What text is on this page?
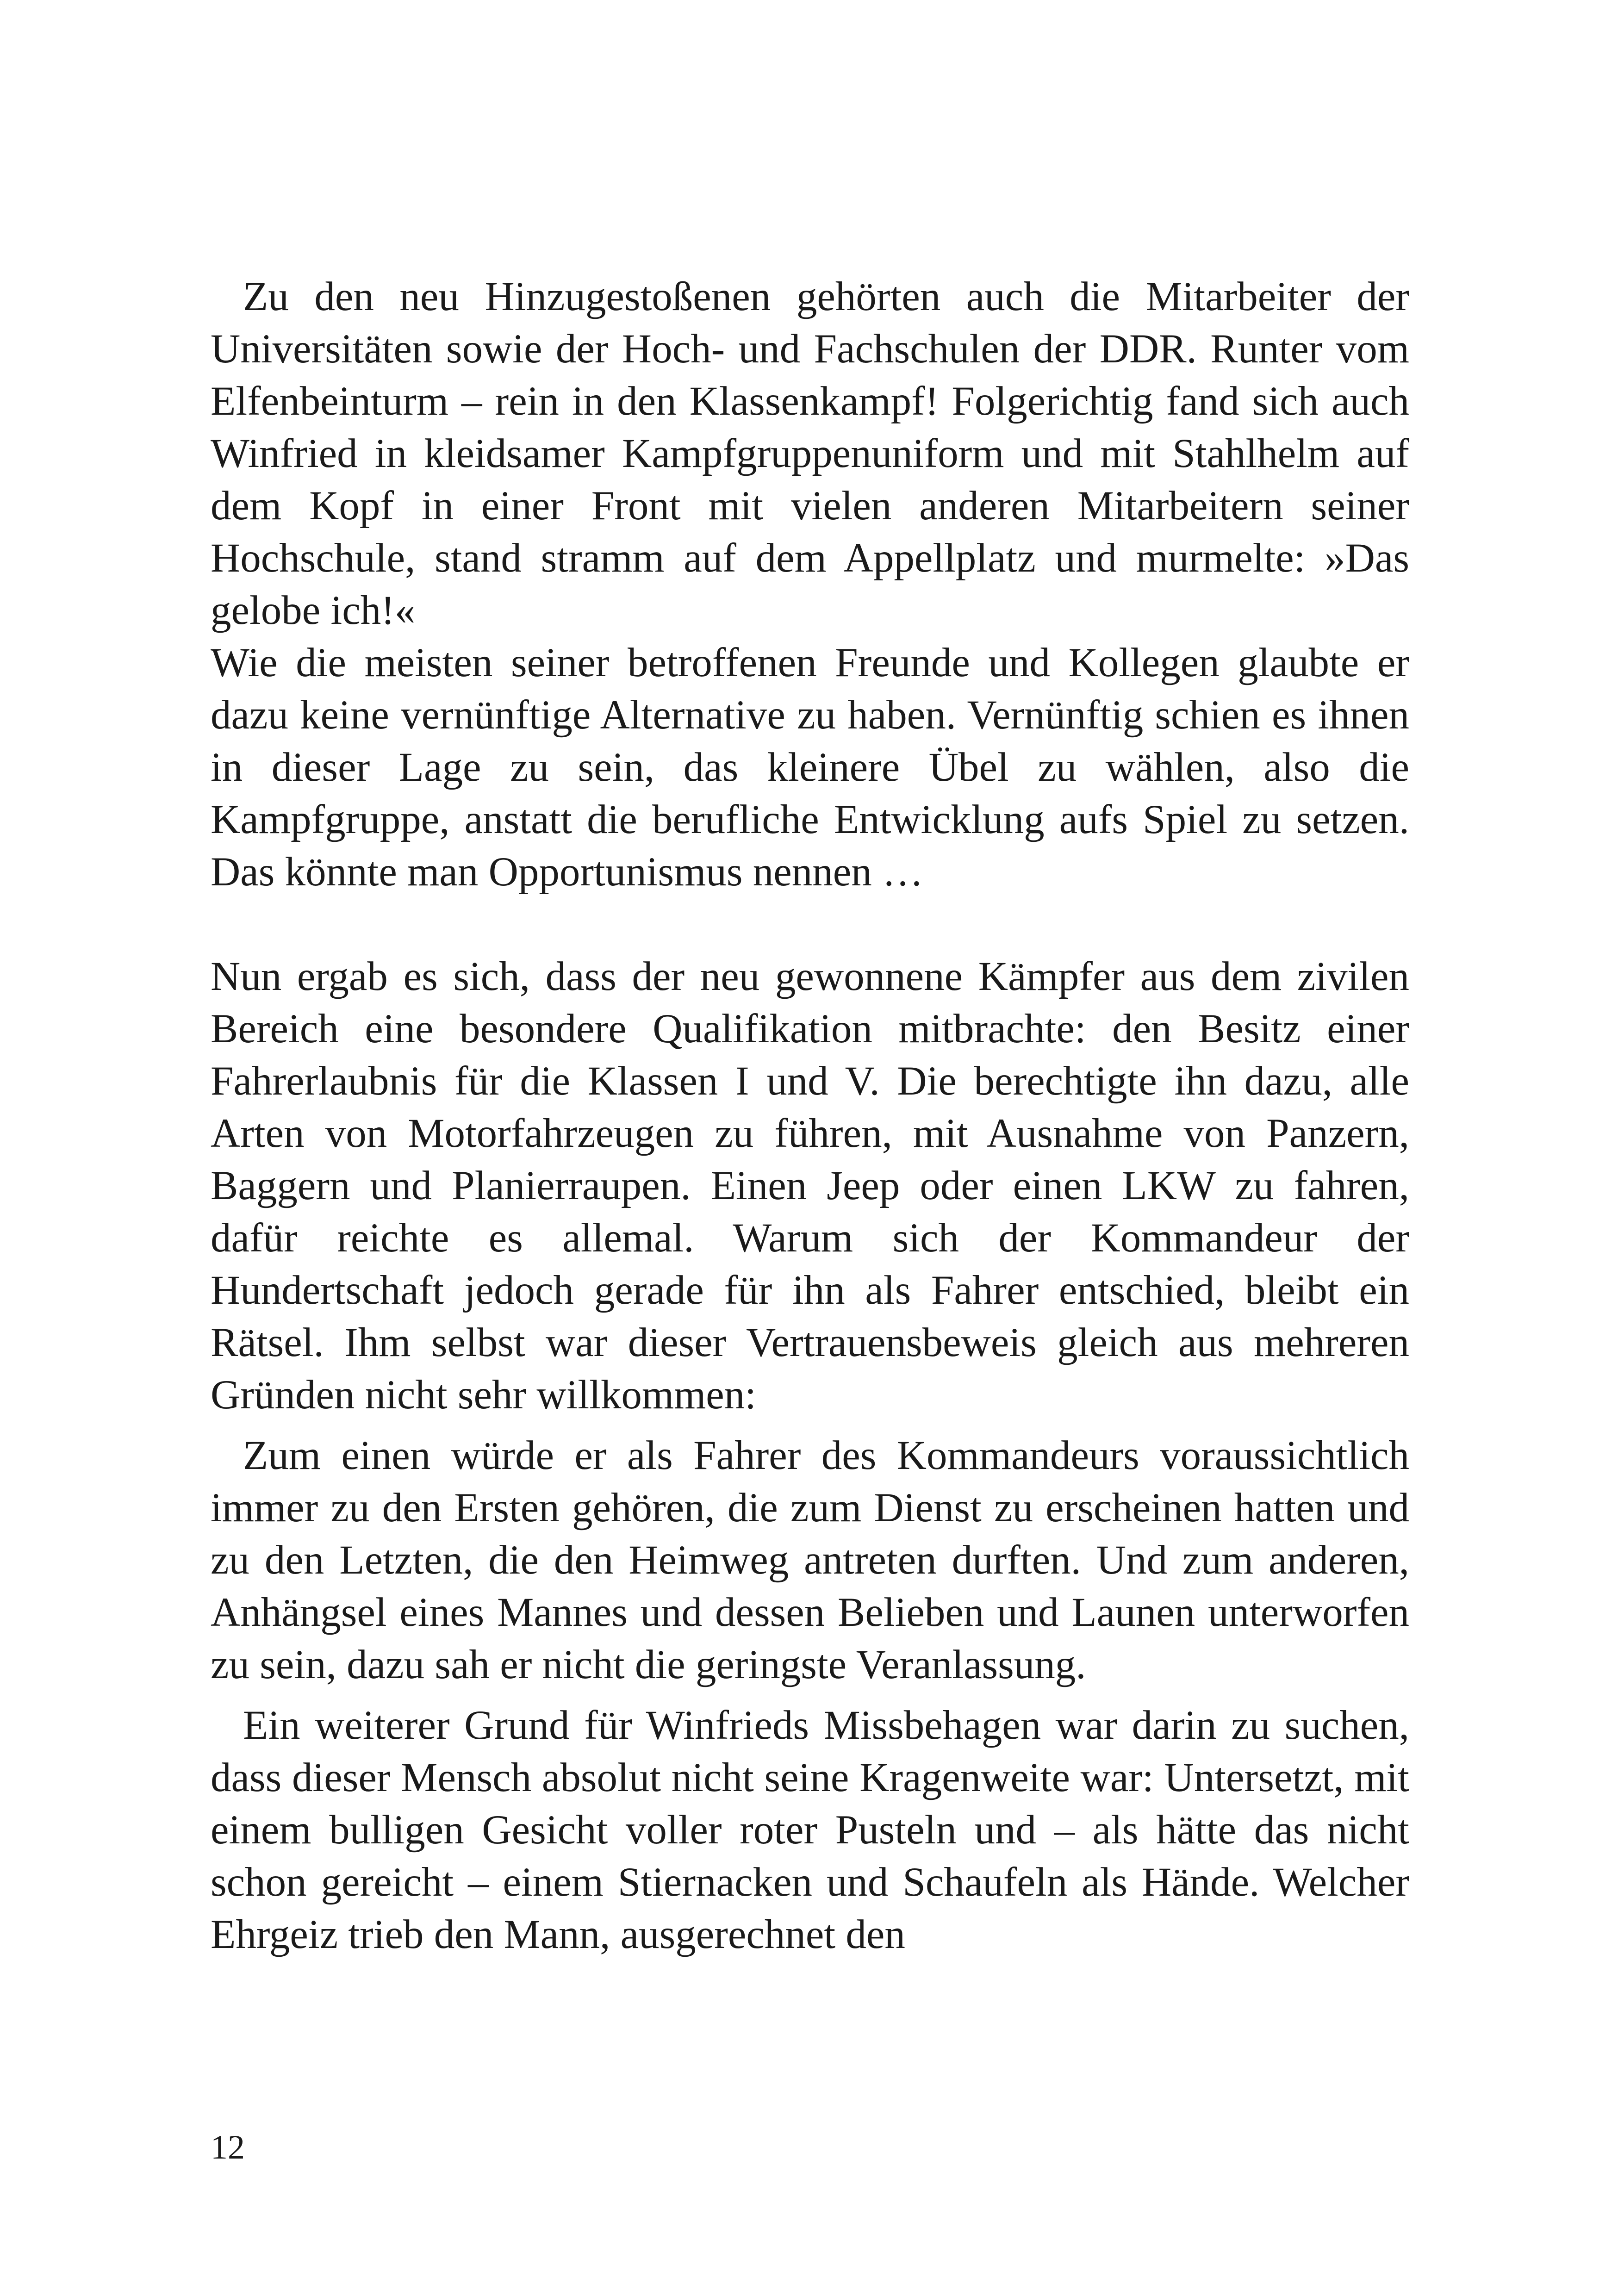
Zu den neu Hinzugestoßenen gehörten auch die Mitarbeiter der Universitäten sowie der Hoch- und Fachschulen der DDR. Runter vom Elfenbeinturm – rein in den Klassenkampf! Folgerichtig fand sich auch Winfried in kleidsamer Kampfgruppenuniform und mit Stahlhelm auf dem Kopf in einer Front mit vielen anderen Mitarbeitern seiner Hochschule, stand stramm auf dem Appellplatz und murmelte: »Das gelobe ich!«

Wie die meisten seiner betroffenen Freunde und Kollegen glaubte er dazu keine vernünftige Alternative zu haben. Vernünftig schien es ihnen in dieser Lage zu sein, das kleinere Übel zu wählen, also die Kampfgruppe, anstatt die berufliche Entwicklung aufs Spiel zu setzen. Das könnte man Opportunismus nennen …

Nun ergab es sich, dass der neu gewonnene Kämpfer aus dem zivilen Bereich eine besondere Qualifikation mitbrachte: den Besitz einer Fahrerlaubnis für die Klassen I und V. Die berechtigte ihn dazu, alle Arten von Motorfahrzeugen zu führen, mit Ausnahme von Panzern, Baggern und Planierraupen. Einen Jeep oder einen LKW zu fahren, dafür reichte es allemal. Warum sich der Kommandeur der Hundertschaft jedoch gerade für ihn als Fahrer entschied, bleibt ein Rätsel. Ihm selbst war dieser Vertrauensbeweis gleich aus mehreren Gründen nicht sehr willkommen:

Zum einen würde er als Fahrer des Kommandeurs voraussichtlich immer zu den Ersten gehören, die zum Dienst zu erscheinen hatten und zu den Letzten, die den Heimweg antreten durften. Und zum anderen, Anhängsel eines Mannes und dessen Belieben und Launen unterworfen zu sein, dazu sah er nicht die geringste Veranlassung.

Ein weiterer Grund für Winfrieds Missbehagen war darin zu suchen, dass dieser Mensch absolut nicht seine Kragenweite war: Untersetzt, mit einem bulligen Gesicht voller roter Pusteln und – als hätte das nicht schon gereicht – einem Stiernacken und Schaufeln als Hände. Welcher Ehrgeiz trieb den Mann, ausgerechnet den

12
